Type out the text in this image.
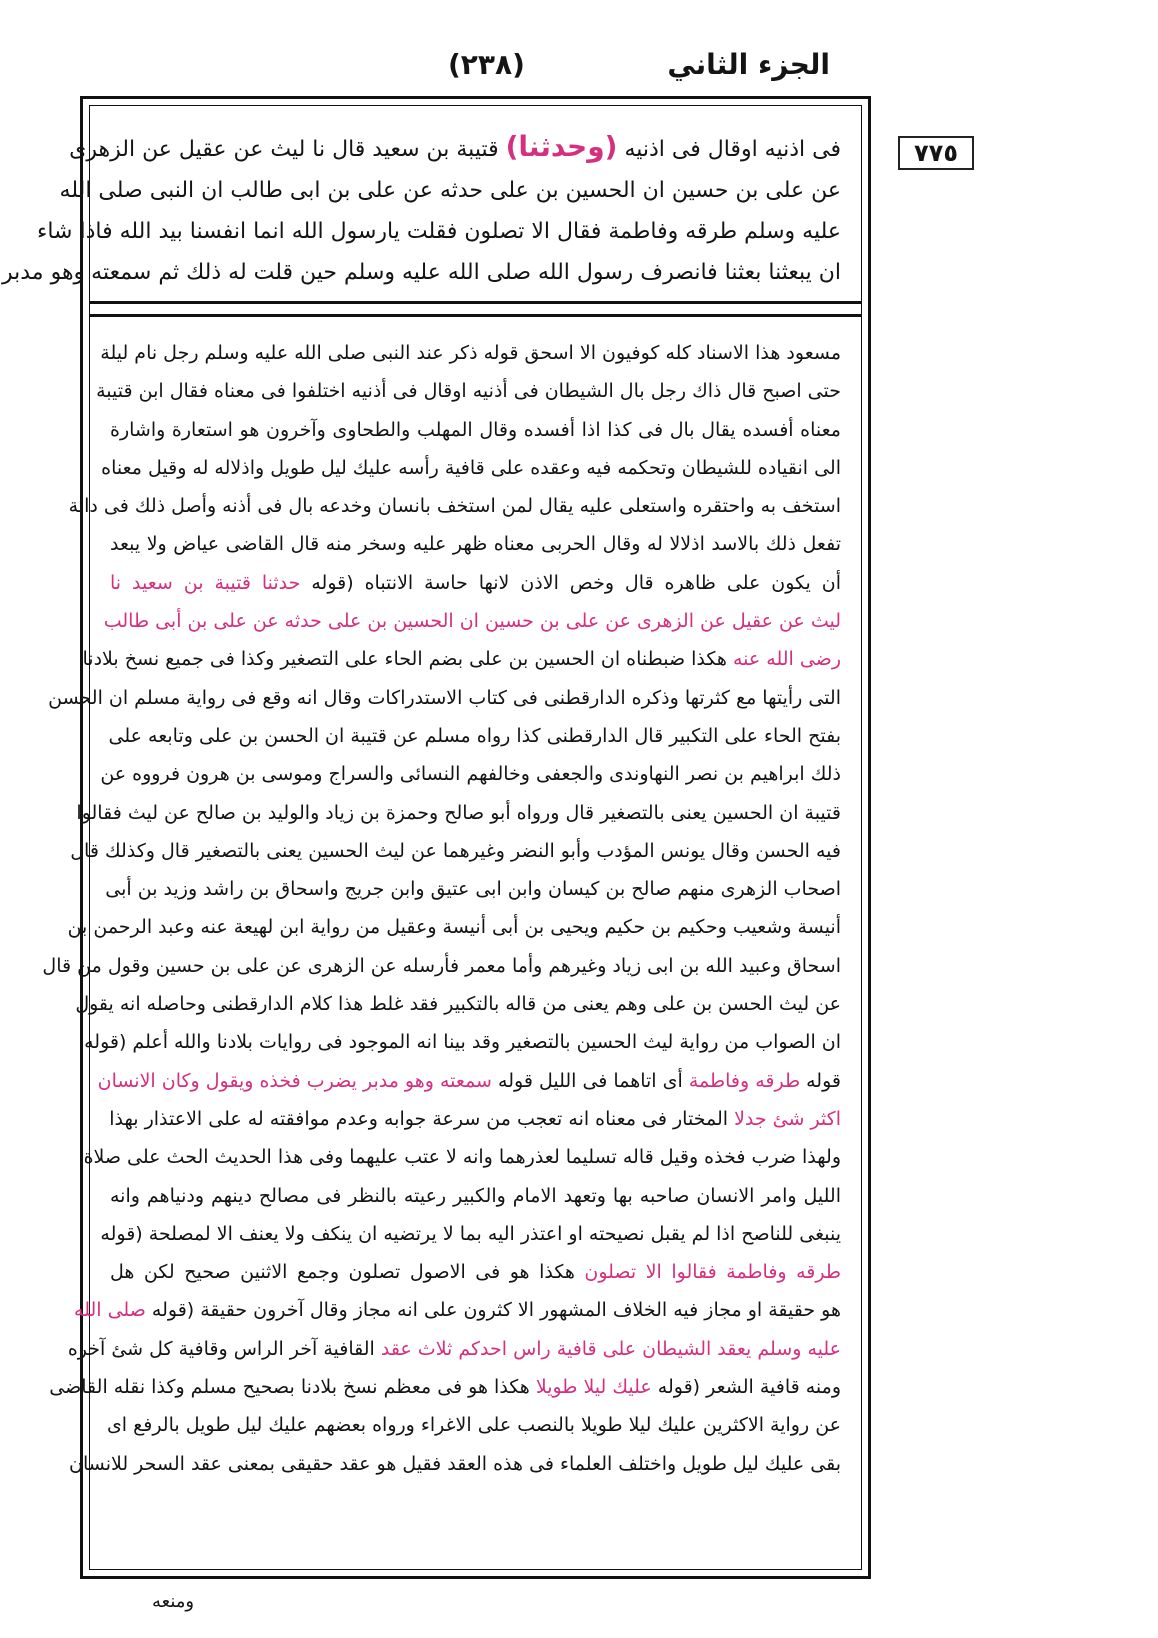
الجزء الثاني
(٢٣٨)
٧٧٥
فى اذنيه اوقال فى اذنيه (وحدثنا) قتيبة بن سعيد قال نا ليث عن عقيل عن الزهرى
عن على بن حسين ان الحسين بن على حدثه عن على بن ابى طالب ان النبى صلى الله
عليه وسلم طرقه وفاطمة فقال الا تصلون فقلت يارسول الله انما انفسنا بيد الله فاذا شاء
ان يبعثنا بعثنا فانصرف رسول الله صلى الله عليه وسلم حين قلت له ذلك ثم سمعته وهو مدبر
مسعود هذا الاسناد كله كوفيون الا اسحق قوله ذكر عند النبى صلى الله عليه وسلم رجل نام ليلة
حتى اصبح قال ذاك رجل بال الشيطان فى أذنيه اوقال فى أذنيه اختلفوا فى معناه فقال ابن قتيبة
معناه أفسده يقال بال فى كذا اذا أفسده وقال المهلب والطحاوى وآخرون هو استعارة واشارة
الى انقياده للشيطان وتحكمه فيه وعقده على قافية رأسه عليك ليل طويل واذلاله له وقيل معناه
استخف به واحتقره واستعلى عليه يقال لمن استخف بانسان وخدعه بال فى أذنه وأصل ذلك فى دابة
تفعل ذلك بالاسد اذلالا له وقال الحربى معناه ظهر عليه وسخر منه قال القاضى عياض ولا يبعد
أن يكون على ظاهره قال وخص الاذن لانها حاسة الانتباه (قوله حدثنا قتيبة بن سعيد نا
ليث عن عقيل عن الزهرى عن على بن حسين ان الحسين بن على حدثه عن على بن أبى طالب
رضى الله عنه هكذا ضبطناه ان الحسين بن على بضم الحاء على التصغير وكذا فى جميع نسخ بلادنا
التى رأيتها مع كثرتها وذكره الدارقطنى فى كتاب الاستدراكات وقال انه وقع فى رواية مسلم ان الحسن
بفتح الحاء على التكبير قال الدارقطنى كذا رواه مسلم عن قتيبة ان الحسن بن على وتابعه على
ذلك ابراهيم بن نصر النهاوندى والجعفى وخالفهم النسائى والسراج وموسى بن هرون فرووه عن
قتيبة ان الحسين يعنى بالتصغير قال ورواه أبو صالح وحمزة بن زياد والوليد بن صالح عن ليث فقالوا
فيه الحسن وقال يونس المؤدب وأبو النضر وغيرهما عن ليث الحسين يعنى بالتصغير قال وكذلك قال
اصحاب الزهرى منهم صالح بن كيسان وابن ابى عتيق وابن جريج واسحاق بن راشد وزيد بن أبى
أنيسة وشعيب وحكيم بن حكيم ويحيى بن أبى أنيسة وعقيل من رواية ابن لهيعة عنه وعبد الرحمن بن
اسحاق وعبيد الله بن ابى زياد وغيرهم وأما معمر فأرسله عن الزهرى عن على بن حسين وقول من قال
عن ليث الحسن بن على وهم يعنى من قاله بالتكبير فقد غلط هذا كلام الدارقطنى وحاصله انه يقول
ان الصواب من رواية ليث الحسين بالتصغير وقد بينا انه الموجود فى روايات بلادنا والله أعلم (قوله
قوله طرقه وفاطمة أى اتاهما فى الليل قوله سمعته وهو مدبر يضرب فخذه ويقول وكان الانسان
اكثر شئ جدلا المختار فى معناه انه تعجب من سرعة جوابه وعدم موافقته له على الاعتذار بهذا
ولهذا ضرب فخذه وقيل قاله تسليما لعذرهما وانه لا عتب عليهما وفى هذا الحديث الحث على صلاة
الليل وامر الانسان صاحبه بها وتعهد الامام والكبير رعيته بالنظر فى مصالح دينهم ودنياهم وانه
ينبغى للناصح اذا لم يقبل نصيحته او اعتذر اليه بما لا يرتضيه ان ينكف ولا يعنف الا لمصلحة (قوله
طرقه وفاطمة فقالوا الا تصلون هكذا هو فى الاصول تصلون وجمع الاثنين صحيح لكن هل
هو حقيقة او مجاز فيه الخلاف المشهور الا كثرون على انه مجاز وقال آخرون حقيقة (قوله صلى الله
عليه وسلم يعقد الشيطان على قافية راس احدكم ثلاث عقد القافية آخر الراس وقافية كل شئ آخره
ومنه قافية الشعر (قوله عليك ليلا طويلا هكذا هو فى معظم نسخ بلادنا بصحيح مسلم وكذا نقله القاضى
عن رواية الاكثرين عليك ليلا طويلا بالنصب على الاغراء ورواه بعضهم عليك ليل طويل بالرفع اى
بقى عليك ليل طويل واختلف العلماء فى هذه العقد فقيل هو عقد حقيقى بمعنى عقد السحر للانسان
ومنعه
